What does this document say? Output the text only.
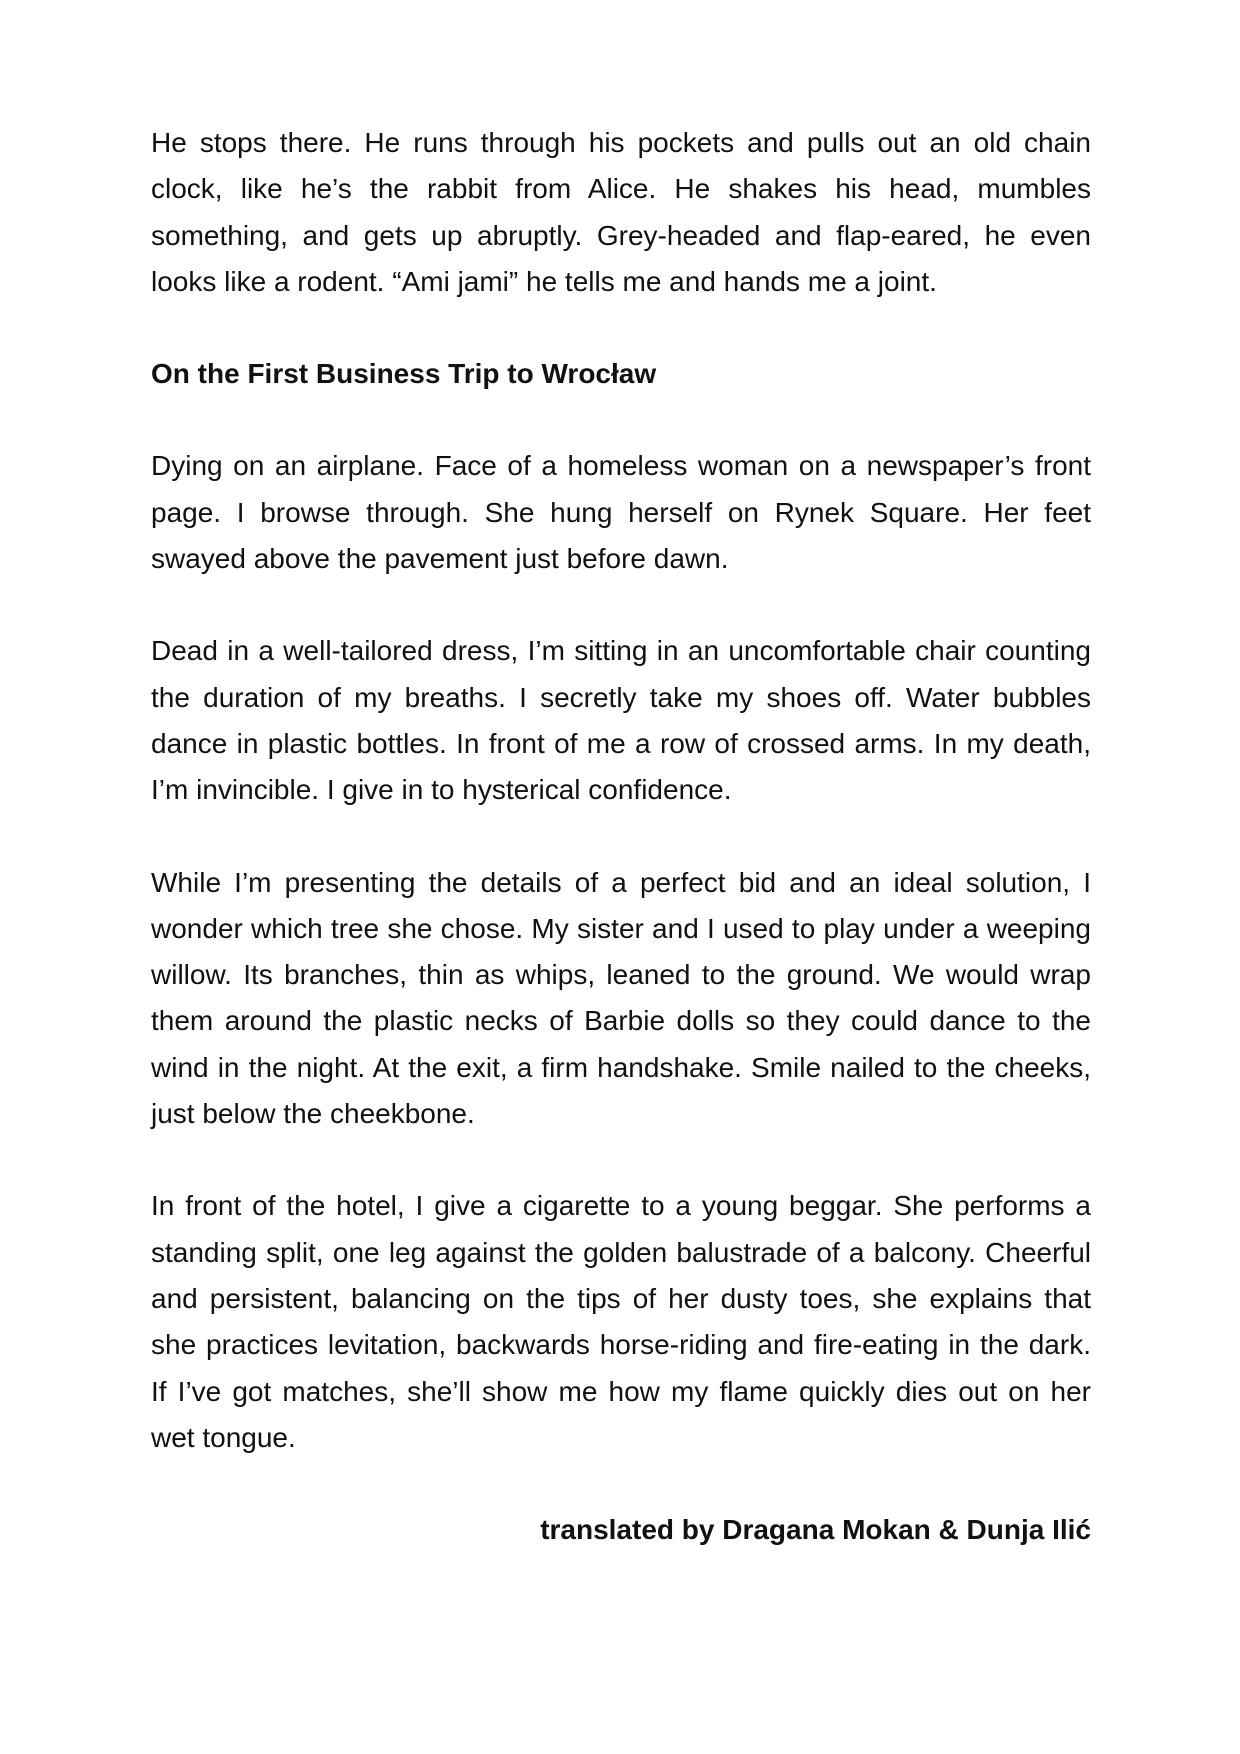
He stops there. He runs through his pockets and pulls out an old chain clock, like he’s the rabbit from Alice. He shakes his head, mumbles something, and gets up abruptly. Grey-headed and flap-eared, he even looks like a rodent. “Ami jami” he tells me and hands me a joint.

On the First Business Trip to Wrocław

Dying on an airplane. Face of a homeless woman on a newspaper’s front page. I browse through. She hung herself on Rynek Square. Her feet swayed above the pavement just before dawn.

Dead in a well-tailored dress, I’m sitting in an uncomfortable chair counting the duration of my breaths. I secretly take my shoes off. Water bubbles dance in plastic bottles. In front of me a row of crossed arms. In my death, I’m invincible. I give in to hysterical confidence.

While I’m presenting the details of a perfect bid and an ideal solution, I wonder which tree she chose. My sister and I used to play under a weeping willow. Its branches, thin as whips, leaned to the ground. We would wrap them around the plastic necks of Barbie dolls so they could dance to the wind in the night. At the exit, a firm handshake. Smile nailed to the cheeks, just below the cheekbone.

In front of the hotel, I give a cigarette to a young beggar. She performs a standing split, one leg against the golden balustrade of a balcony. Cheerful and persistent, balancing on the tips of her dusty toes, she explains that she practices levitation, backwards horse-riding and fire-eating in the dark. If I’ve got matches, she’ll show me how my flame quickly dies out on her wet tongue.

translated by Dragana Mokan & Dunja Ilić
